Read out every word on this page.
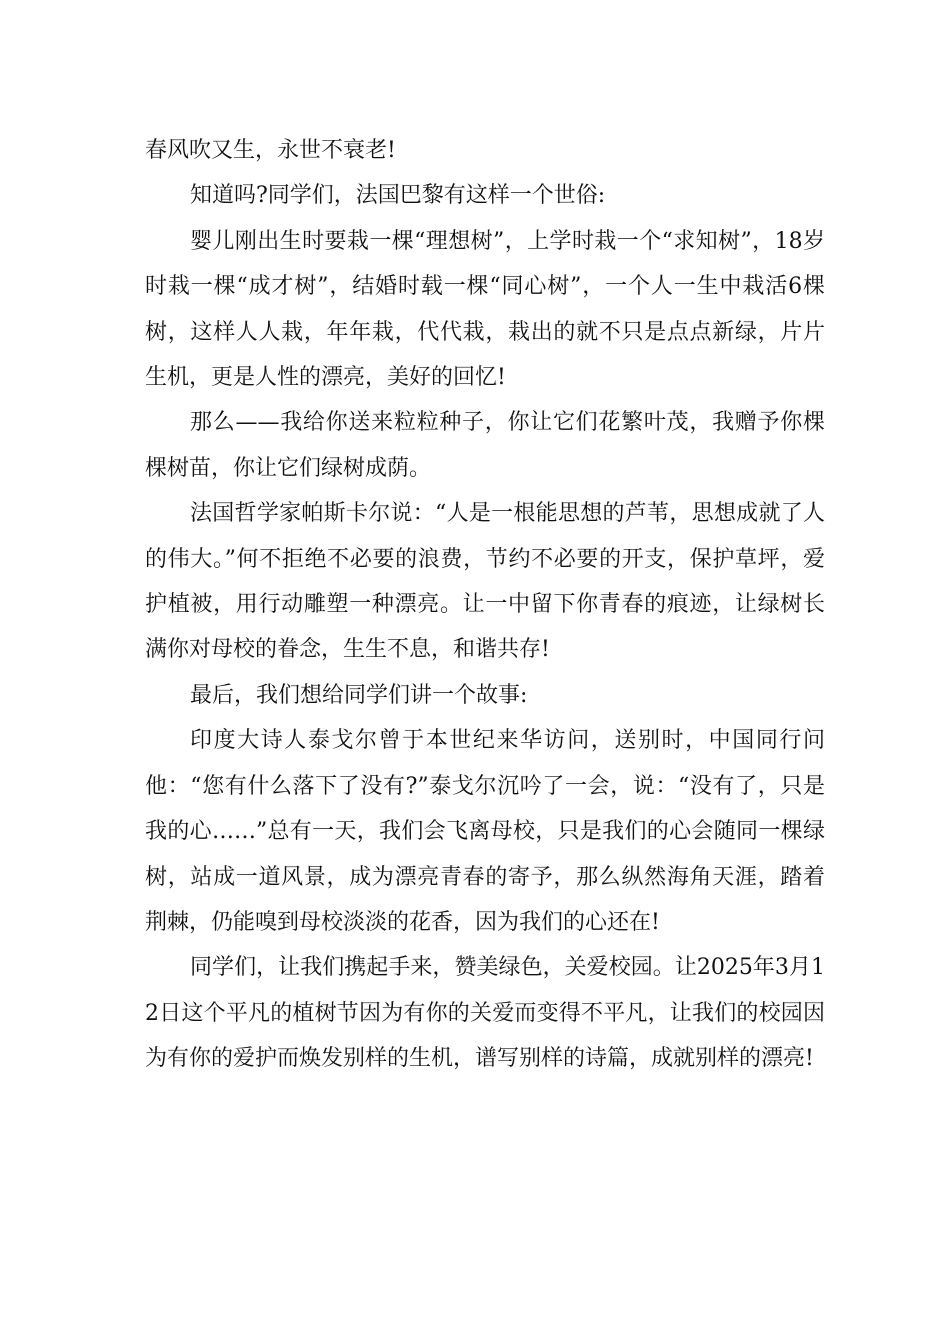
春风吹又生，永世不衰老!

知道吗?同学们，法国巴黎有这样一个世俗:

婴儿刚出生时要栽一棵“理想树”，上学时栽一个“求知树”，18岁时栽一棵“成才树”，结婚时载一棵“同心树”，一个人一生中栽活6棵树，这样人人栽，年年栽，代代栽，栽出的就不只是点点新绿，片片生机，更是人性的漂亮，美好的回忆!

那么——我给你送来粒粒种子，你让它们花繁叶茂，我赠予你棵棵树苗，你让它们绿树成荫。

法国哲学家帕斯卡尔说：“人是一根能思想的芦苇，思想成就了人的伟大。”何不拒绝不必要的浪费，节约不必要的开支，保护草坪，爱护植被，用行动雕塑一种漂亮。让一中留下你青春的痕迹，让绿树长满你对母校的眷念，生生不息，和谐共存!

最后，我们想给同学们讲一个故事:

印度大诗人泰戈尔曾于本世纪来华访问，送别时，中国同行问他：“您有什么落下了没有?”泰戈尔沉吟了一会，说：“没有了，只是我的心……”总有一天，我们会飞离母校，只是我们的心会随同一棵绿树，站成一道风景，成为漂亮青春的寄予，那么纵然海角天涯，踏着荆棘，仍能嗅到母校淡淡的花香，因为我们的心还在!

同学们，让我们携起手来，赞美绿色，关爱校园。让2025年3月12日这个平凡的植树节因为有你的关爱而变得不平凡，让我们的校园因为有你的爱护而焕发别样的生机，谱写别样的诗篇，成就别样的漂亮!
